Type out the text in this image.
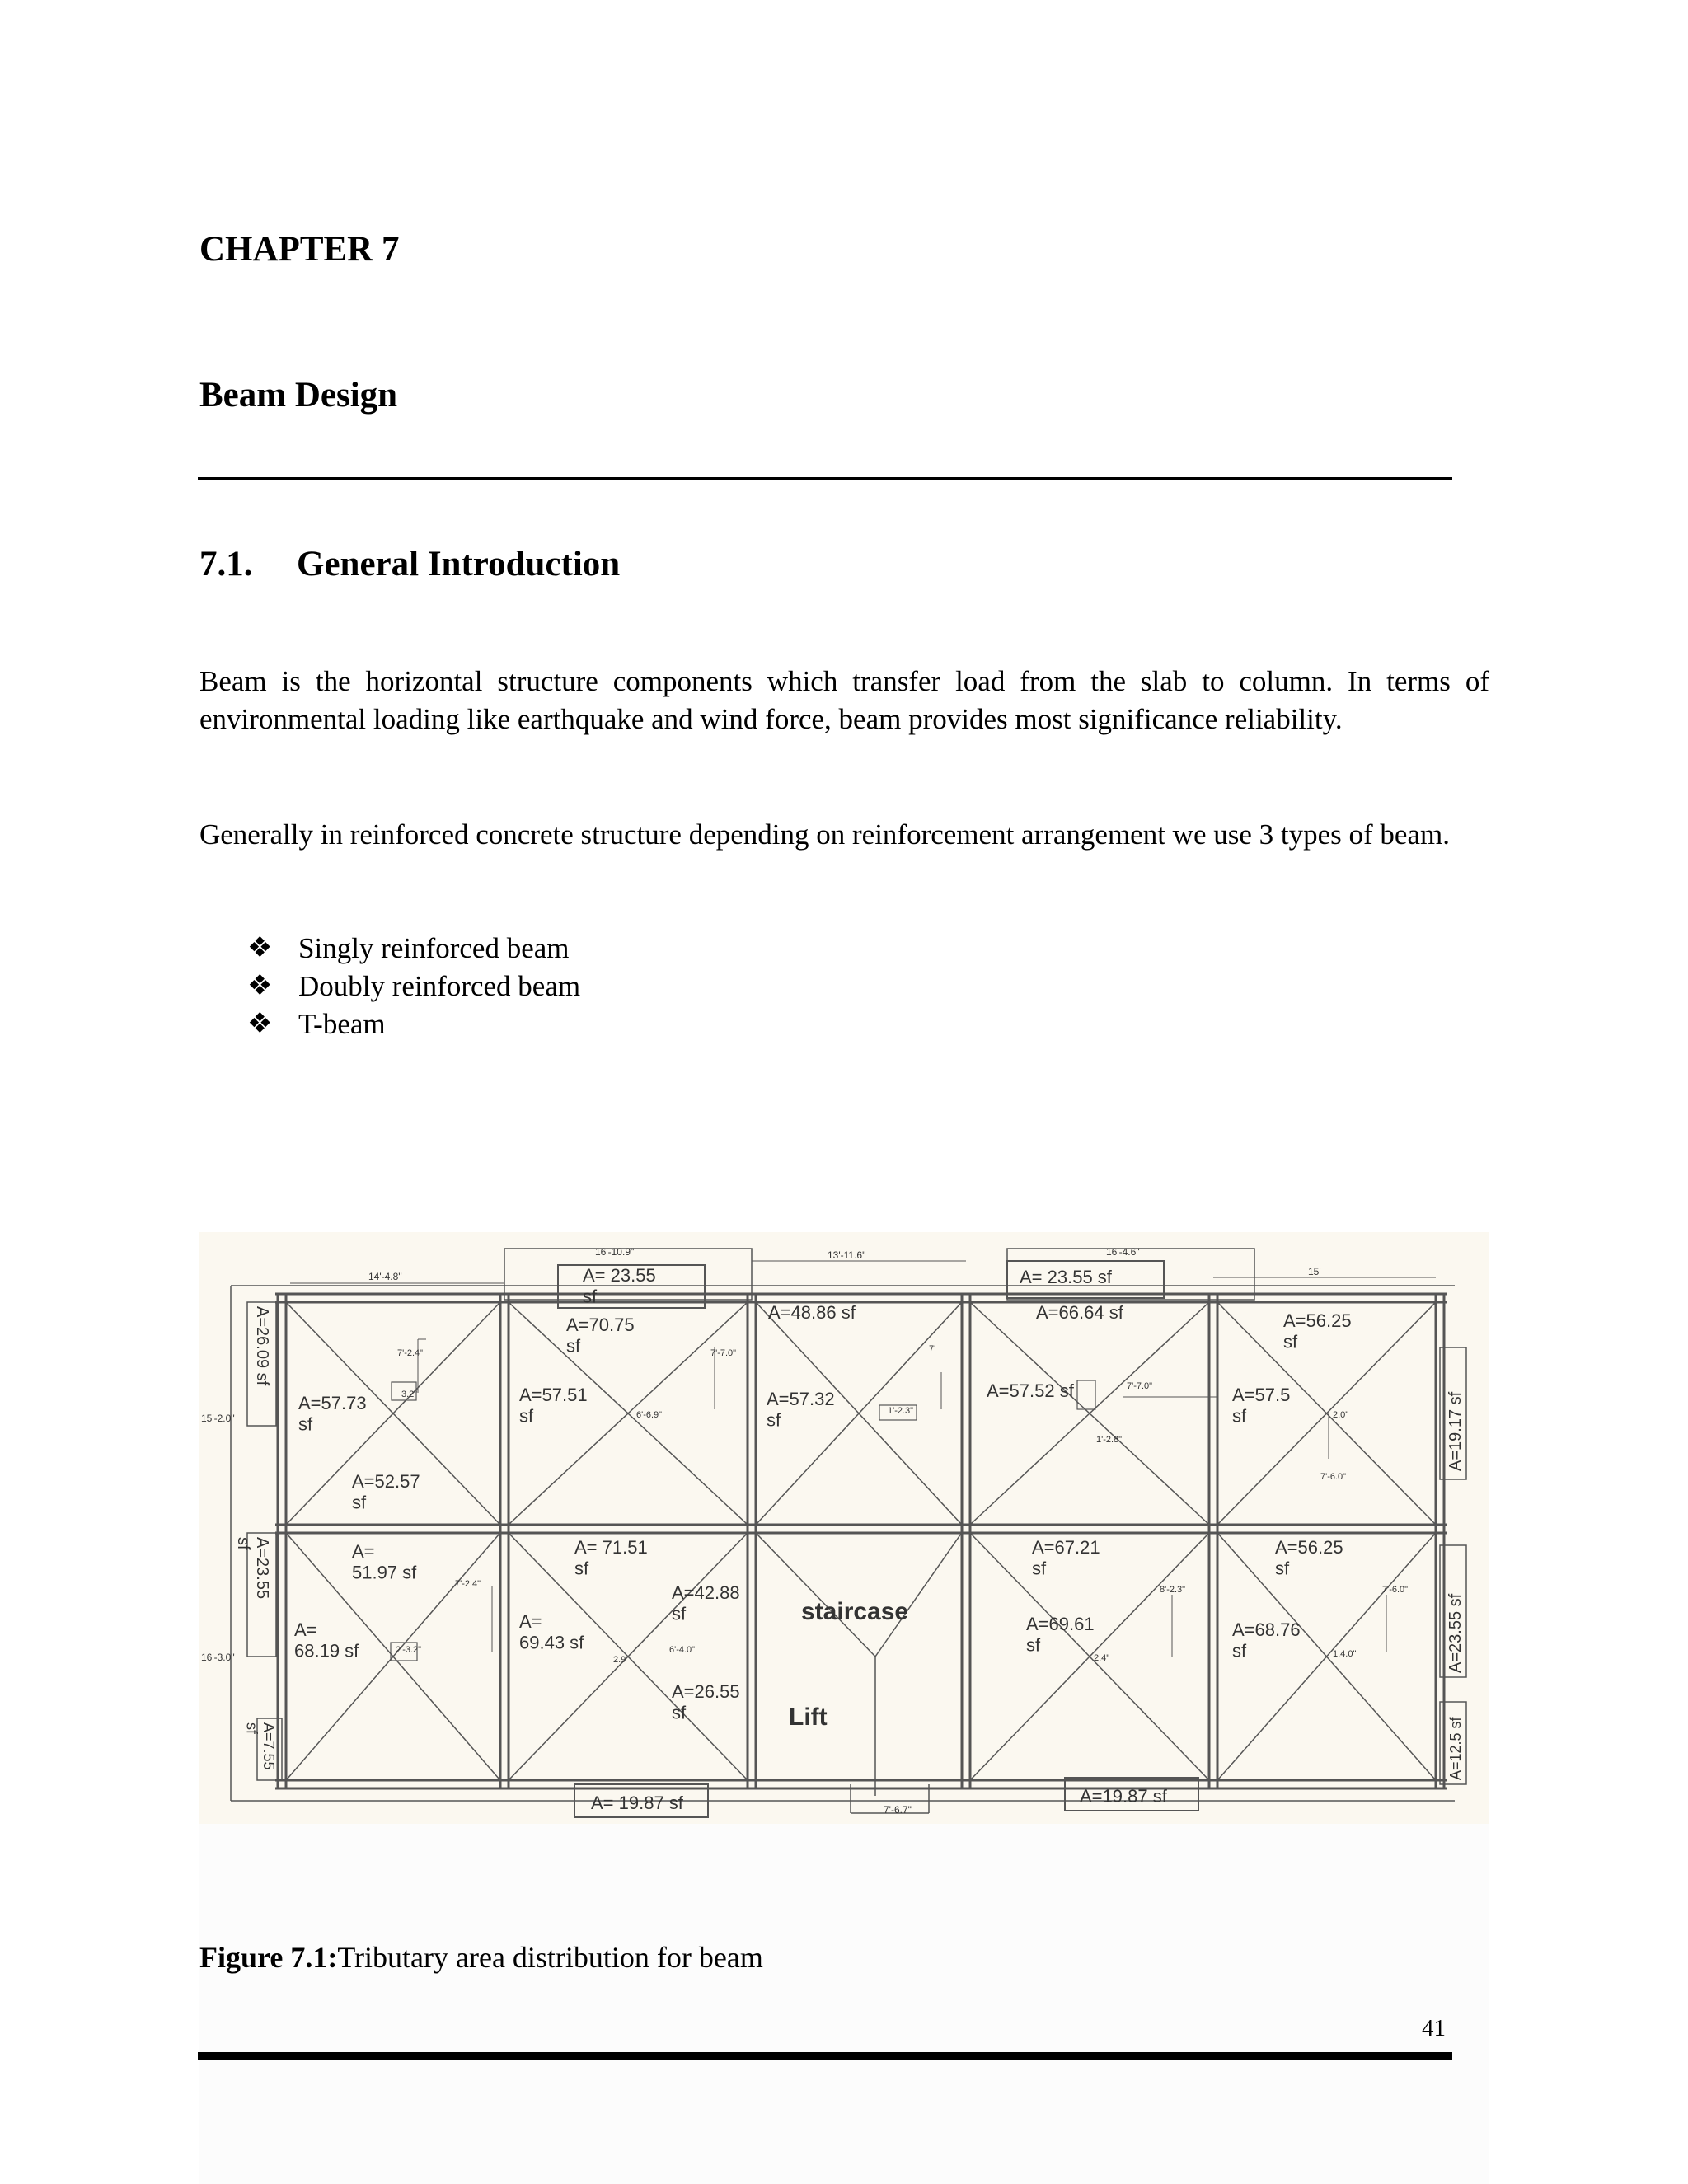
CHAPTER 7
Beam Design
7.1. General Introduction
Beam is the horizontal structure components which transfer load from the slab to column. In terms of environmental loading like earthquake and wind force, beam provides most significance reliability.
Generally in reinforced concrete structure depending on reinforcement arrangement we use 3 types of beam.
❖ Singly reinforced beam
❖ Doubly reinforced beam
❖ T-beam
16'-10.9"
14'-4.8"
13'-11.6"	16'-4.6"
15'
15'-2.0"
16'-3.0"
7'-6.7"
A=57.73 sf
A=52.57 sf
7'-2.4"
3.2"
A= 23.55 sf
A=70.75 sf
A=57.51 sf
7'-7.0"
6'-6.9"
A=48.86 sf
A=57.32 sf
7'
1'-2.3"
A= 23.55 sf
A=66.64 sf
A=57.52 sf	7'-7.0"
1'-2.8"
A=56.25 sf
A=57.5 sf	2.0"
7'-6.0"
A= 51.97 sf
A= 68.19 sf
7'-2.4"
2'-3.2"
A= 71.51 sf
A= 69.43 sf
A=42.88 sf
A=26.55 sf
2.9
6'-4.0"
staircase
Lift
A=67.21 sf
A=69.61 sf
8'-2.3"
2.4"
A=56.25 sf
A=68.76 sf
7'-6.0"
1.4.0"
A=26.09 sf
A=23.55sf
A=7.55sf
A=19.17 sf
A=23.55 sf
A=12.5 sf
A= 19.87 sf	A=19.87 sf
Figure 7.1:Tributary area distribution for beam
41
